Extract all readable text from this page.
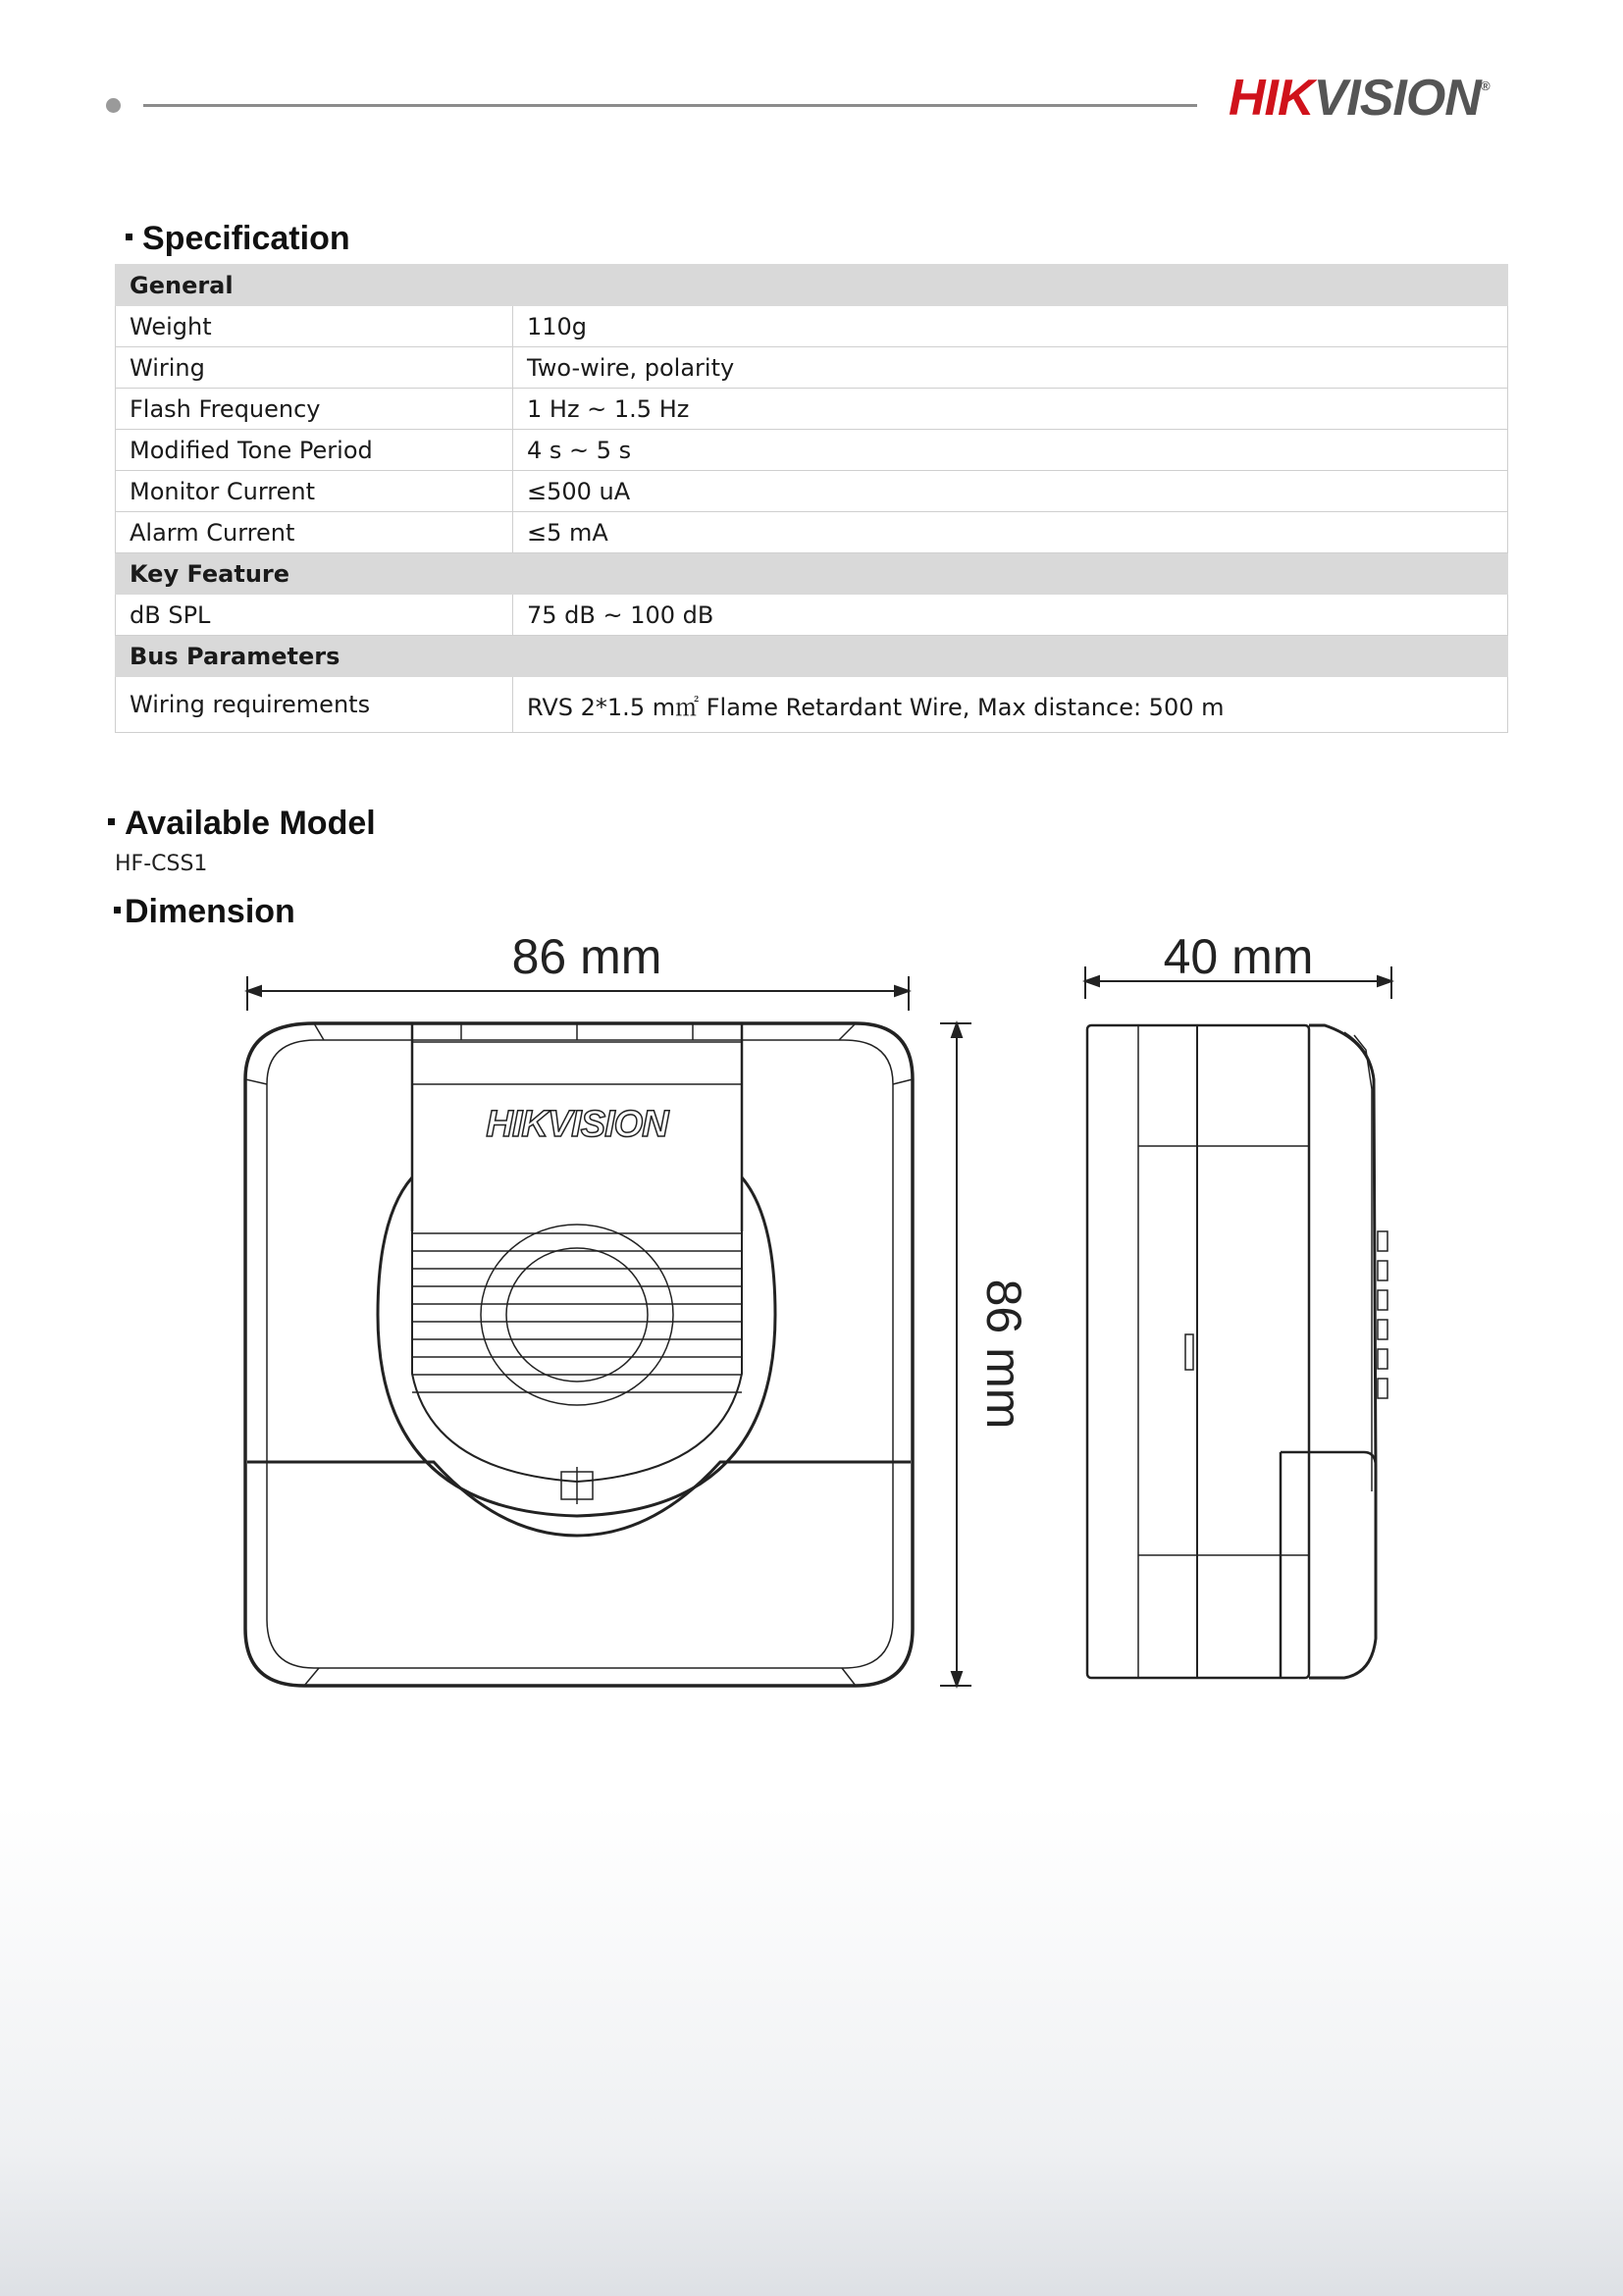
HIKVISION®
Specification
General	
Weight	110g
Wiring	Two-wire, polarity
Flash Frequency	1 Hz ~ 1.5 Hz
Modified Tone Period	4 s ~ 5 s
Monitor Current	≤500 uA
Alarm Current	≤5 mA
Key Feature	
dB SPL	75 dB ~ 100 dB
Bus Parameters	
Wiring requirements	RVS 2*1.5 m㎡ Flame Retardant Wire, Max distance: 500 m
Available Model
HF-CSS1
Dimension
86 mm
86 mm
HIKVISION
40 mm
